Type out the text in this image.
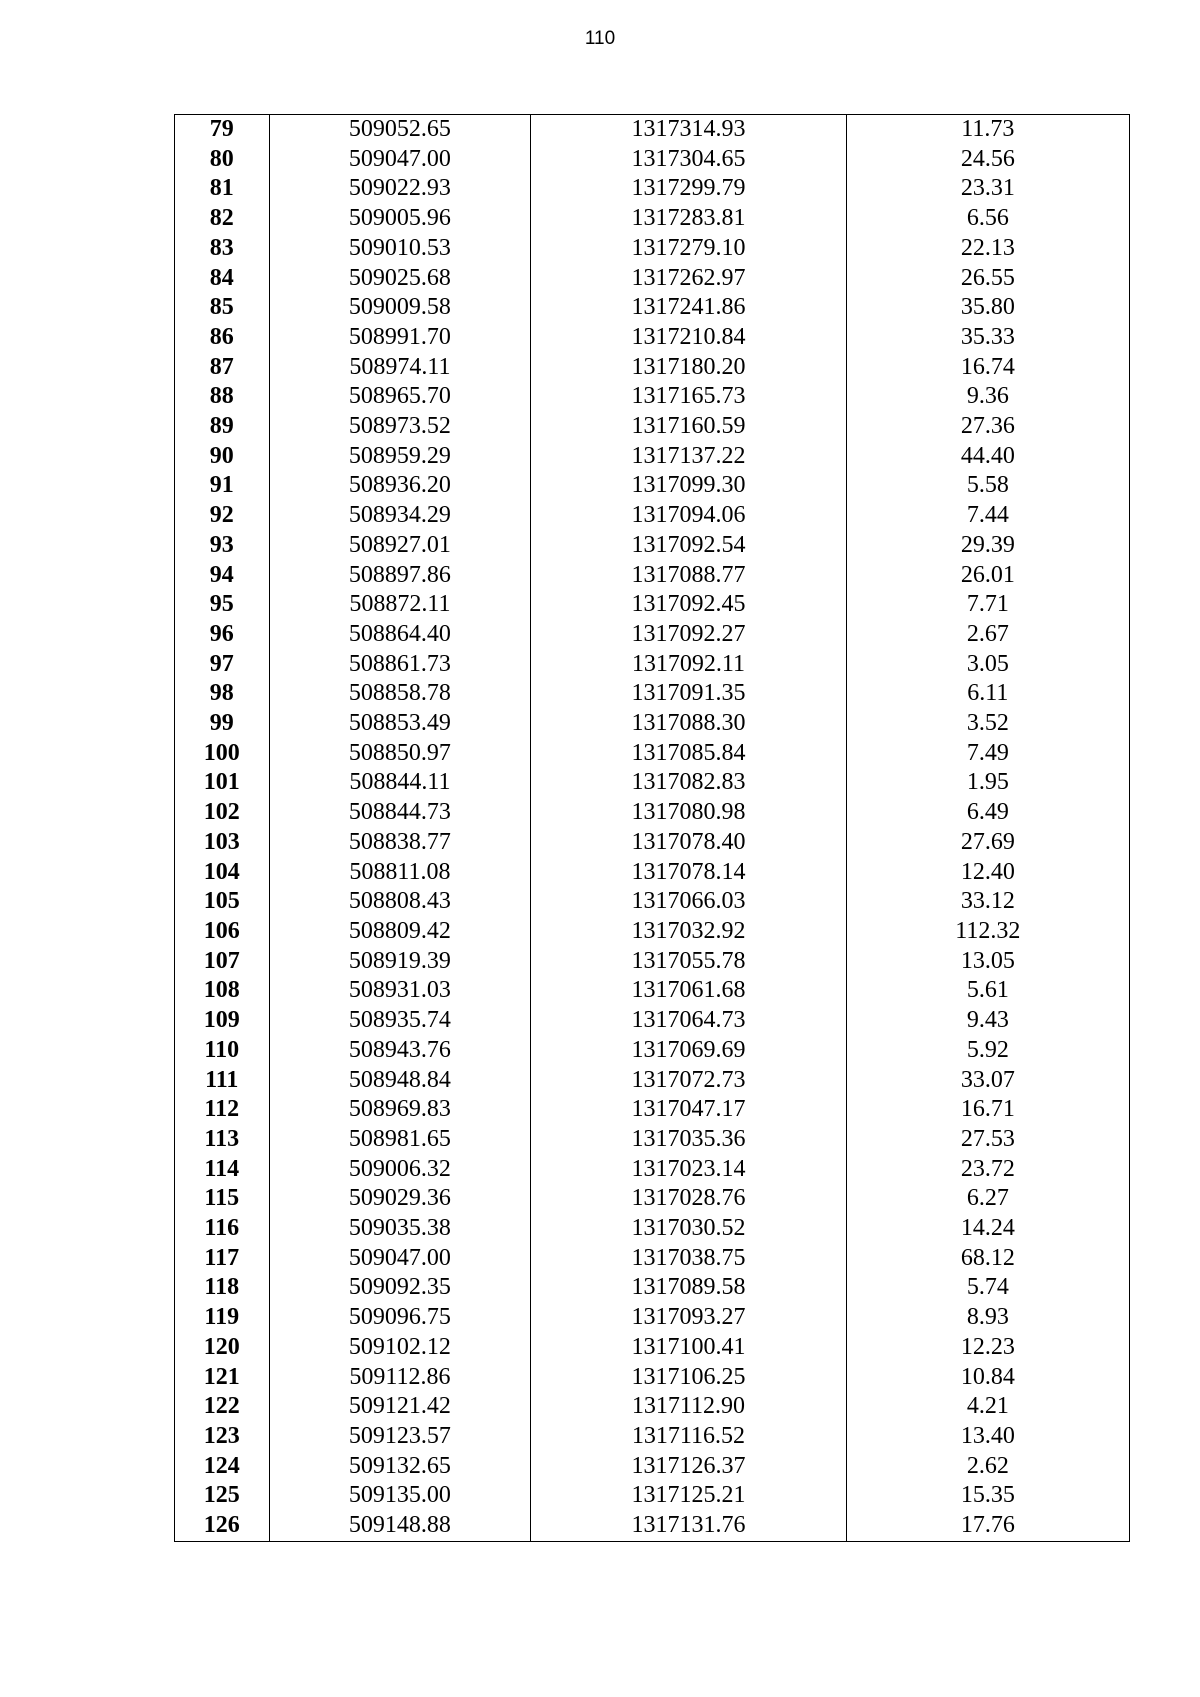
110
79	509052.65	1317314.93	11.73
80	509047.00	1317304.65	24.56
81	509022.93	1317299.79	23.31
82	509005.96	1317283.81	6.56
83	509010.53	1317279.10	22.13
84	509025.68	1317262.97	26.55
85	509009.58	1317241.86	35.80
86	508991.70	1317210.84	35.33
87	508974.11	1317180.20	16.74
88	508965.70	1317165.73	9.36
89	508973.52	1317160.59	27.36
90	508959.29	1317137.22	44.40
91	508936.20	1317099.30	5.58
92	508934.29	1317094.06	7.44
93	508927.01	1317092.54	29.39
94	508897.86	1317088.77	26.01
95	508872.11	1317092.45	7.71
96	508864.40	1317092.27	2.67
97	508861.73	1317092.11	3.05
98	508858.78	1317091.35	6.11
99	508853.49	1317088.30	3.52
100	508850.97	1317085.84	7.49
101	508844.11	1317082.83	1.95
102	508844.73	1317080.98	6.49
103	508838.77	1317078.40	27.69
104	508811.08	1317078.14	12.40
105	508808.43	1317066.03	33.12
106	508809.42	1317032.92	112.32
107	508919.39	1317055.78	13.05
108	508931.03	1317061.68	5.61
109	508935.74	1317064.73	9.43
110	508943.76	1317069.69	5.92
111	508948.84	1317072.73	33.07
112	508969.83	1317047.17	16.71
113	508981.65	1317035.36	27.53
114	509006.32	1317023.14	23.72
115	509029.36	1317028.76	6.27
116	509035.38	1317030.52	14.24
117	509047.00	1317038.75	68.12
118	509092.35	1317089.58	5.74
119	509096.75	1317093.27	8.93
120	509102.12	1317100.41	12.23
121	509112.86	1317106.25	10.84
122	509121.42	1317112.90	4.21
123	509123.57	1317116.52	13.40
124	509132.65	1317126.37	2.62
125	509135.00	1317125.21	15.35
126	509148.88	1317131.76	17.76
